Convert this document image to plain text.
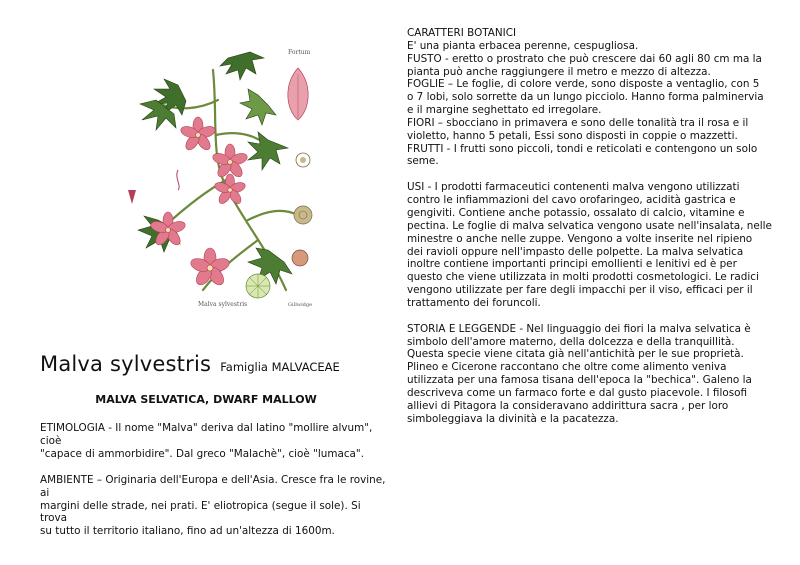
Fortum
Malva sylvestris	Gillwidge
Malva sylvestris Famiglia MALVACEAE
MALVA SELVATICA, DWARF MALLOW

ETIMOLOGIA - Il nome "Malva" deriva dal latino "mollire alvum", cioè
"capace di ammorbidire". Dal greco "Malachè", cioè "lumaca".

AMBIENTE – Originaria dell'Europa e dell'Asia. Cresce fra le rovine, ai
margini delle strade, nei prati. E' eliotropica (segue il sole). Si trova
su tutto il territorio italiano, fino ad un'altezza di 1600m.

CARATTERI BOTANICI
E' una pianta erbacea perenne, cespugliosa.
FUSTO - eretto o prostrato che può crescere dai 60 agli 80 cm ma la
pianta può anche raggiungere il metro e mezzo di altezza.
FOGLIE – Le foglie, di colore verde, sono disposte a ventaglio, con 5
o 7 lobi, solo sorrette da un lungo picciolo. Hanno forma palminervia
e il margine seghettato ed irregolare.
FIORI – sbocciano in primavera e sono delle tonalità tra il rosa e il
violetto, hanno 5 petali, Essi sono disposti in coppie o mazzetti.
FRUTTI - I frutti sono piccoli, tondi e reticolati e contengono un solo
seme.

USI - I prodotti farmaceutici contenenti malva vengono utilizzati
contro le infiammazioni del cavo orofaringeo, acidità gastrica e
gengiviti. Contiene anche potassio, ossalato di calcio, vitamine e
pectina. Le foglie di malva selvatica vengono usate nell'insalata, nelle
minestre o anche nelle zuppe. Vengono a volte inserite nel ripieno
dei ravioli oppure nell'impasto delle polpette. La malva selvatica
inoltre contiene importanti principi emollienti e lenitivi ed è per
questo che viene utilizzata in molti prodotti cosmetologici. Le radici
vengono utilizzate per fare degli impacchi per il viso, efficaci per il
trattamento dei foruncoli.

STORIA E LEGGENDE - Nel linguaggio dei fiori la malva selvatica è
simbolo dell'amore materno, della dolcezza e della tranquillità.
Questa specie viene citata già nell'antichità per le sue proprietà.
Plineo e Cicerone raccontano che oltre come alimento veniva
utilizzata per una famosa tisana dell'epoca la "bechica". Galeno la
descriveva come un farmaco forte e dal gusto piacevole. I filosofi
allievi di Pitagora la consideravano addirittura sacra , per loro
simboleggiava la divinità e la pacatezza.
